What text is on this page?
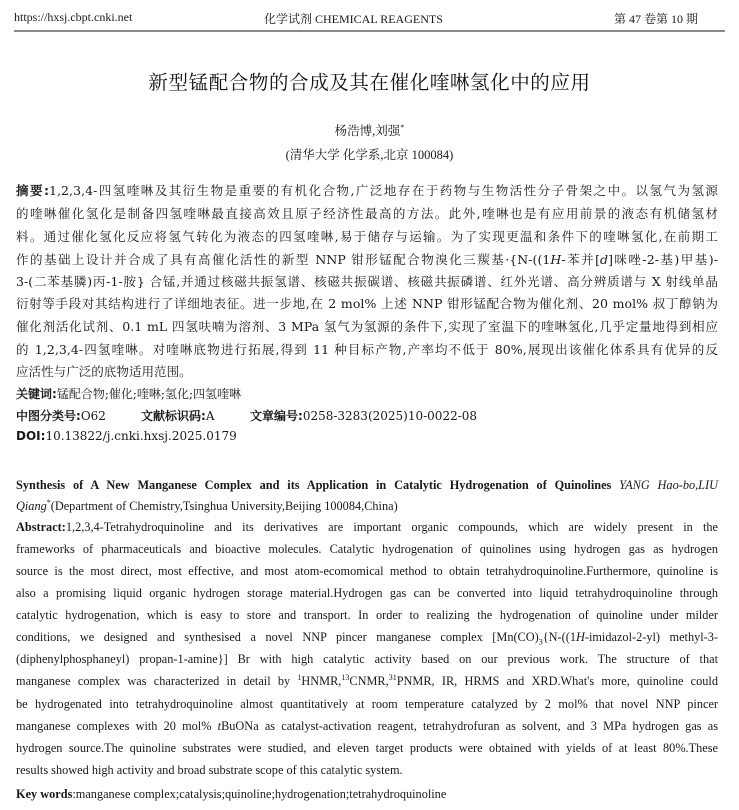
https://hxsj.cbpt.cnki.net	化学试剂 CHEMICAL REAGENTS	第 47 卷第 10 期
新型锰配合物的合成及其在催化喹啉氢化中的应用
杨浩博,刘强*
(清华大学 化学系,北京 100084)
摘要:1,2,3,4-四氢喹啉及其衍生物是重要的有机化合物,广泛地存在于药物与生物活性分子骨架之中。以氢气为氢源
的喹啉催化氢化是制备四氢喹啉最直接高效且原子经济性最高的方法。此外,喹啉也是有应用前景的液态有机储氢材
料。通过催化氢化反应将氢气转化为液态的四氢喹啉,易于储存与运输。为了实现更温和条件下的喹啉氢化,在前期工
作的基础上设计并合成了具有高催化活性的新型 NNP 钳形锰配合物溴化三羰基·{N-((1H-苯并[d]咪唑-2-基)甲基)-
3-(二苯基膦)丙-1-胺} 合锰,并通过核磁共振氢谱、核磁共振碳谱、核磁共振磷谱、红外光谱、高分辨质谱与 X 射线单晶
衍射等手段对其结构进行了详细地表征。进一步地,在 2 mol% 上述 NNP 钳形锰配合物为催化剂、20 mol% 叔丁醇钠为
催化剂活化试剂、0.1 mL 四氢呋喃为溶剂、3 MPa 氢气为氢源的条件下,实现了室温下的喹啉氢化,几乎定量地得到相应
的 1,2,3,4-四氢喹啉。对喹啉底物进行拓展,得到 11 种目标产物,产率均不低于 80%,展现出该催化体系具有优异的反
应活性与广泛的底物适用范围。
关键词:锰配合物;催化;喹啉;氢化;四氢喹啉
中图分类号:O62	文献标识码:A	文章编号:0258-3283(2025)10-0022-08
DOI:10.13822/j.cnki.hxsj.2025.0179
Synthesis of A New Manganese Complex and its Application in Catalytic Hydrogenation of Quinolines YANG Hao-bo,LIU
Qiang*(Department of Chemistry,Tsinghua University,Beijing 100084,China)
Abstract:1,2,3,4-Tetrahydroquinoline and its derivatives are important organic compounds, which are widely present in the
frameworks of pharmaceuticals and bioactive molecules. Catalytic hydrogenation of quinolines using hydrogen gas as hydrogen
source is the most direct, most effective, and most atom-ecomomical method to obtain tetrahydroquinoline.Furthermore, quinoline is
also a promising liquid organic hydrogen storage material.Hydrogen gas can be converted into liquid tetrahydroquinoline through
catalytic hydrogenation, which is easy to store and transport. In order to realizing the hydrogenation of quinoline under milder
conditions, we designed and synthesised a novel NNP pincer manganese complex [$Mn(CO)_3\{N-((1H-imidazol-2-yl)$ methyl-3-
(diphenylphosphaneyl) propan-1-amine}] Br with high catalytic activity based on our previous work. The structure of that
manganese complex was characterized in detail by $^1$HNMR,$^{13}$CNMR,$^{31}$PNMR, IR, HRMS and XRD.What's more, quinoline could
be hydrogenated into tetrahydroquinoline almost quantitatively at room temperature catalyzed by 2 mol% that novel NNP pincer
manganese complexes with 20 mol% tBuONa as catalyst-activation reagent, tetrahydrofuran as solvent, and 3 MPa hydrogen gas as
hydrogen source.The quinoline substrates were studied, and eleven target products were obtained with yields of at least 80%.These
results showed high activity and broad substrate scope of this catalytic system.
Key words:manganese complex;catalysis;quinoline;hydrogenation;tetrahydroquinoline
